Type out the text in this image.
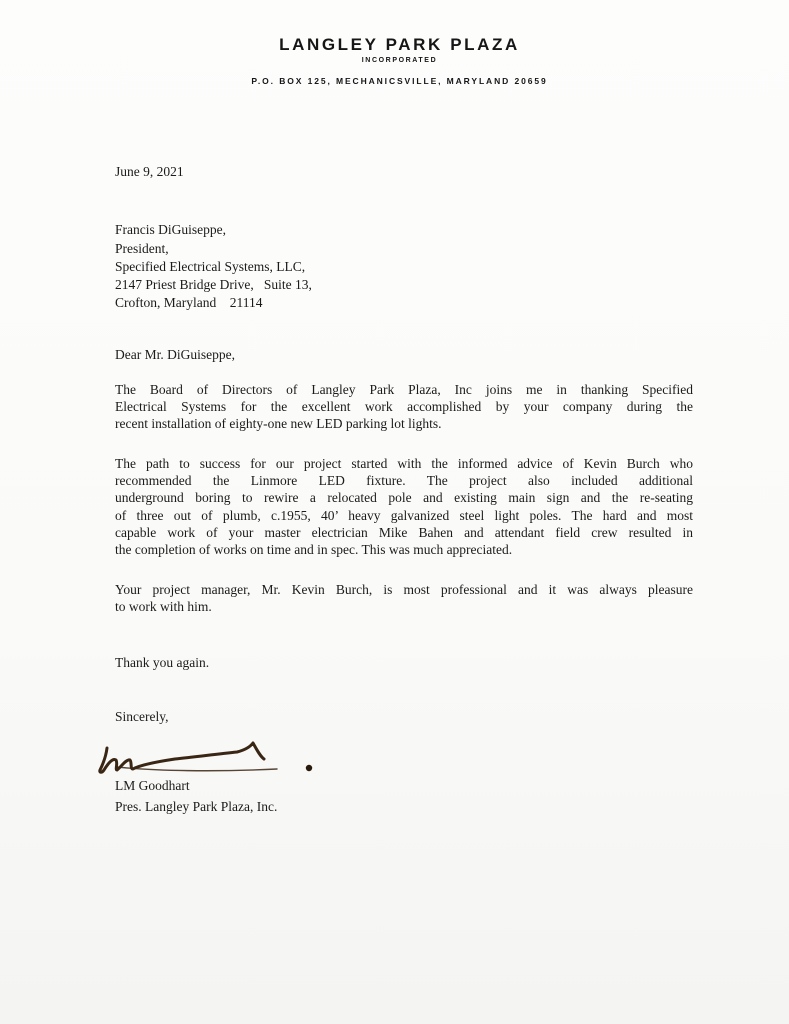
LANGLEY PARK PLAZA
INCORPORATED
P.O. BOX 125, MECHANICSVILLE, MARYLAND 20659
June 9, 2021
Francis DiGuiseppe,
President,
Specified Electrical Systems, LLC,
2147 Priest Bridge Drive,   Suite 13,
Crofton, Maryland    21114
Dear Mr. DiGuiseppe,
The Board of Directors of Langley Park Plaza, Inc joins me in thanking Specified
Electrical Systems for the excellent work accomplished by your company during the
recent installation of eighty-one new LED parking lot lights.
The path to success for our project started with the informed advice of Kevin Burch who
recommended the Linmore LED fixture. The project also included additional
underground boring to rewire a relocated pole and existing main sign and the re-seating
of three out of plumb, c.1955, 40’ heavy galvanized steel light poles. The hard and most
capable work of your master electrician Mike Bahen and attendant field crew resulted in
the completion of works on time and in spec. This was much appreciated.
Your project manager, Mr. Kevin Burch, is most professional and it was always pleasure
to work with him.
Thank you again.
Sincerely,
LM Goodhart
Pres. Langley Park Plaza, Inc.
